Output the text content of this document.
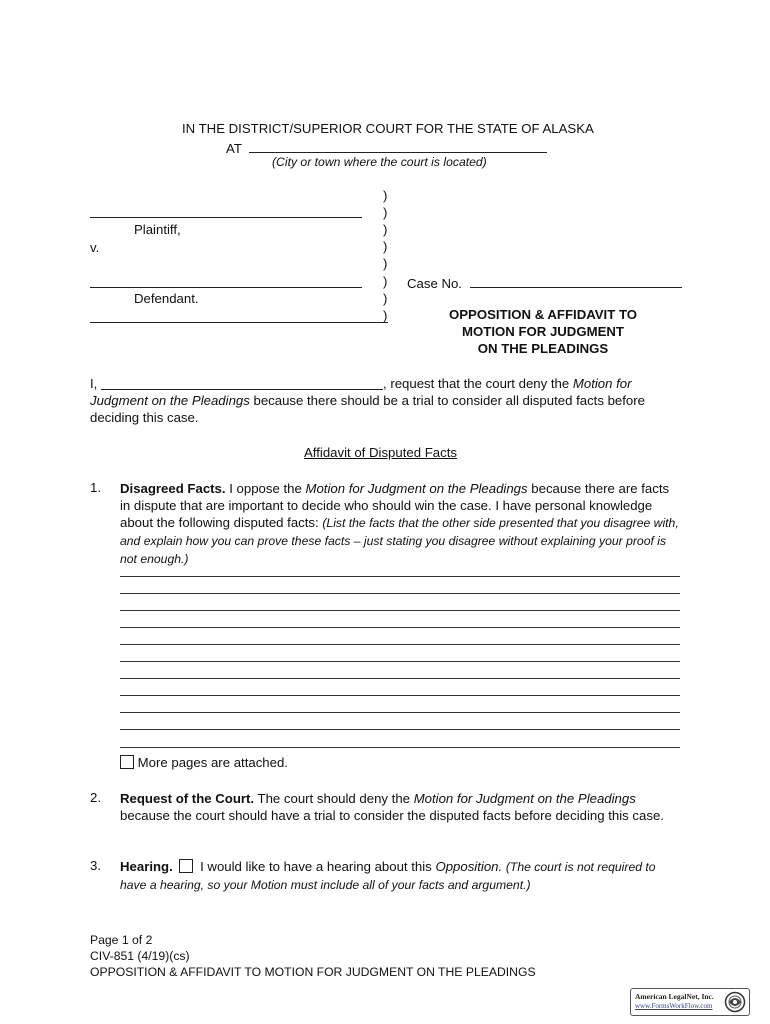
IN THE DISTRICT/SUPERIOR COURT FOR THE STATE OF ALASKA
AT
(City or town where the court is located)
)
)
)
)
)
)
)
)
Plaintiff,
v.
Defendant.
Case No.
OPPOSITION & AFFIDAVIT TO
MOTION FOR JUDGMENT
ON THE PLEADINGS
I,	, request that the court deny the Motion for Judgment on the Pleadings because there should be a trial to consider all disputed facts before deciding this case.
Affidavit of Disputed Facts
1. Disagreed Facts. I oppose the Motion for Judgment on the Pleadings because there are facts in dispute that are important to decide who should win the case. I have personal knowledge about the following disputed facts: (List the facts that the other side presented that you disagree with, and explain how you can prove these facts – just stating you disagree without explaining your proof is not enough.)
More pages are attached.
2. Request of the Court. The court should deny the Motion for Judgment on the Pleadings because the court should have a trial to consider the disputed facts before deciding this case.
3. Hearing. I would like to have a hearing about this Opposition. (The court is not required to have a hearing, so your Motion must include all of your facts and argument.)
Page 1 of 2
CIV-851 (4/19)(cs)
OPPOSITION & AFFIDAVIT TO MOTION FOR JUDGMENT ON THE PLEADINGS
American LegalNet, Inc.
www.FormsWorkFlow.com
